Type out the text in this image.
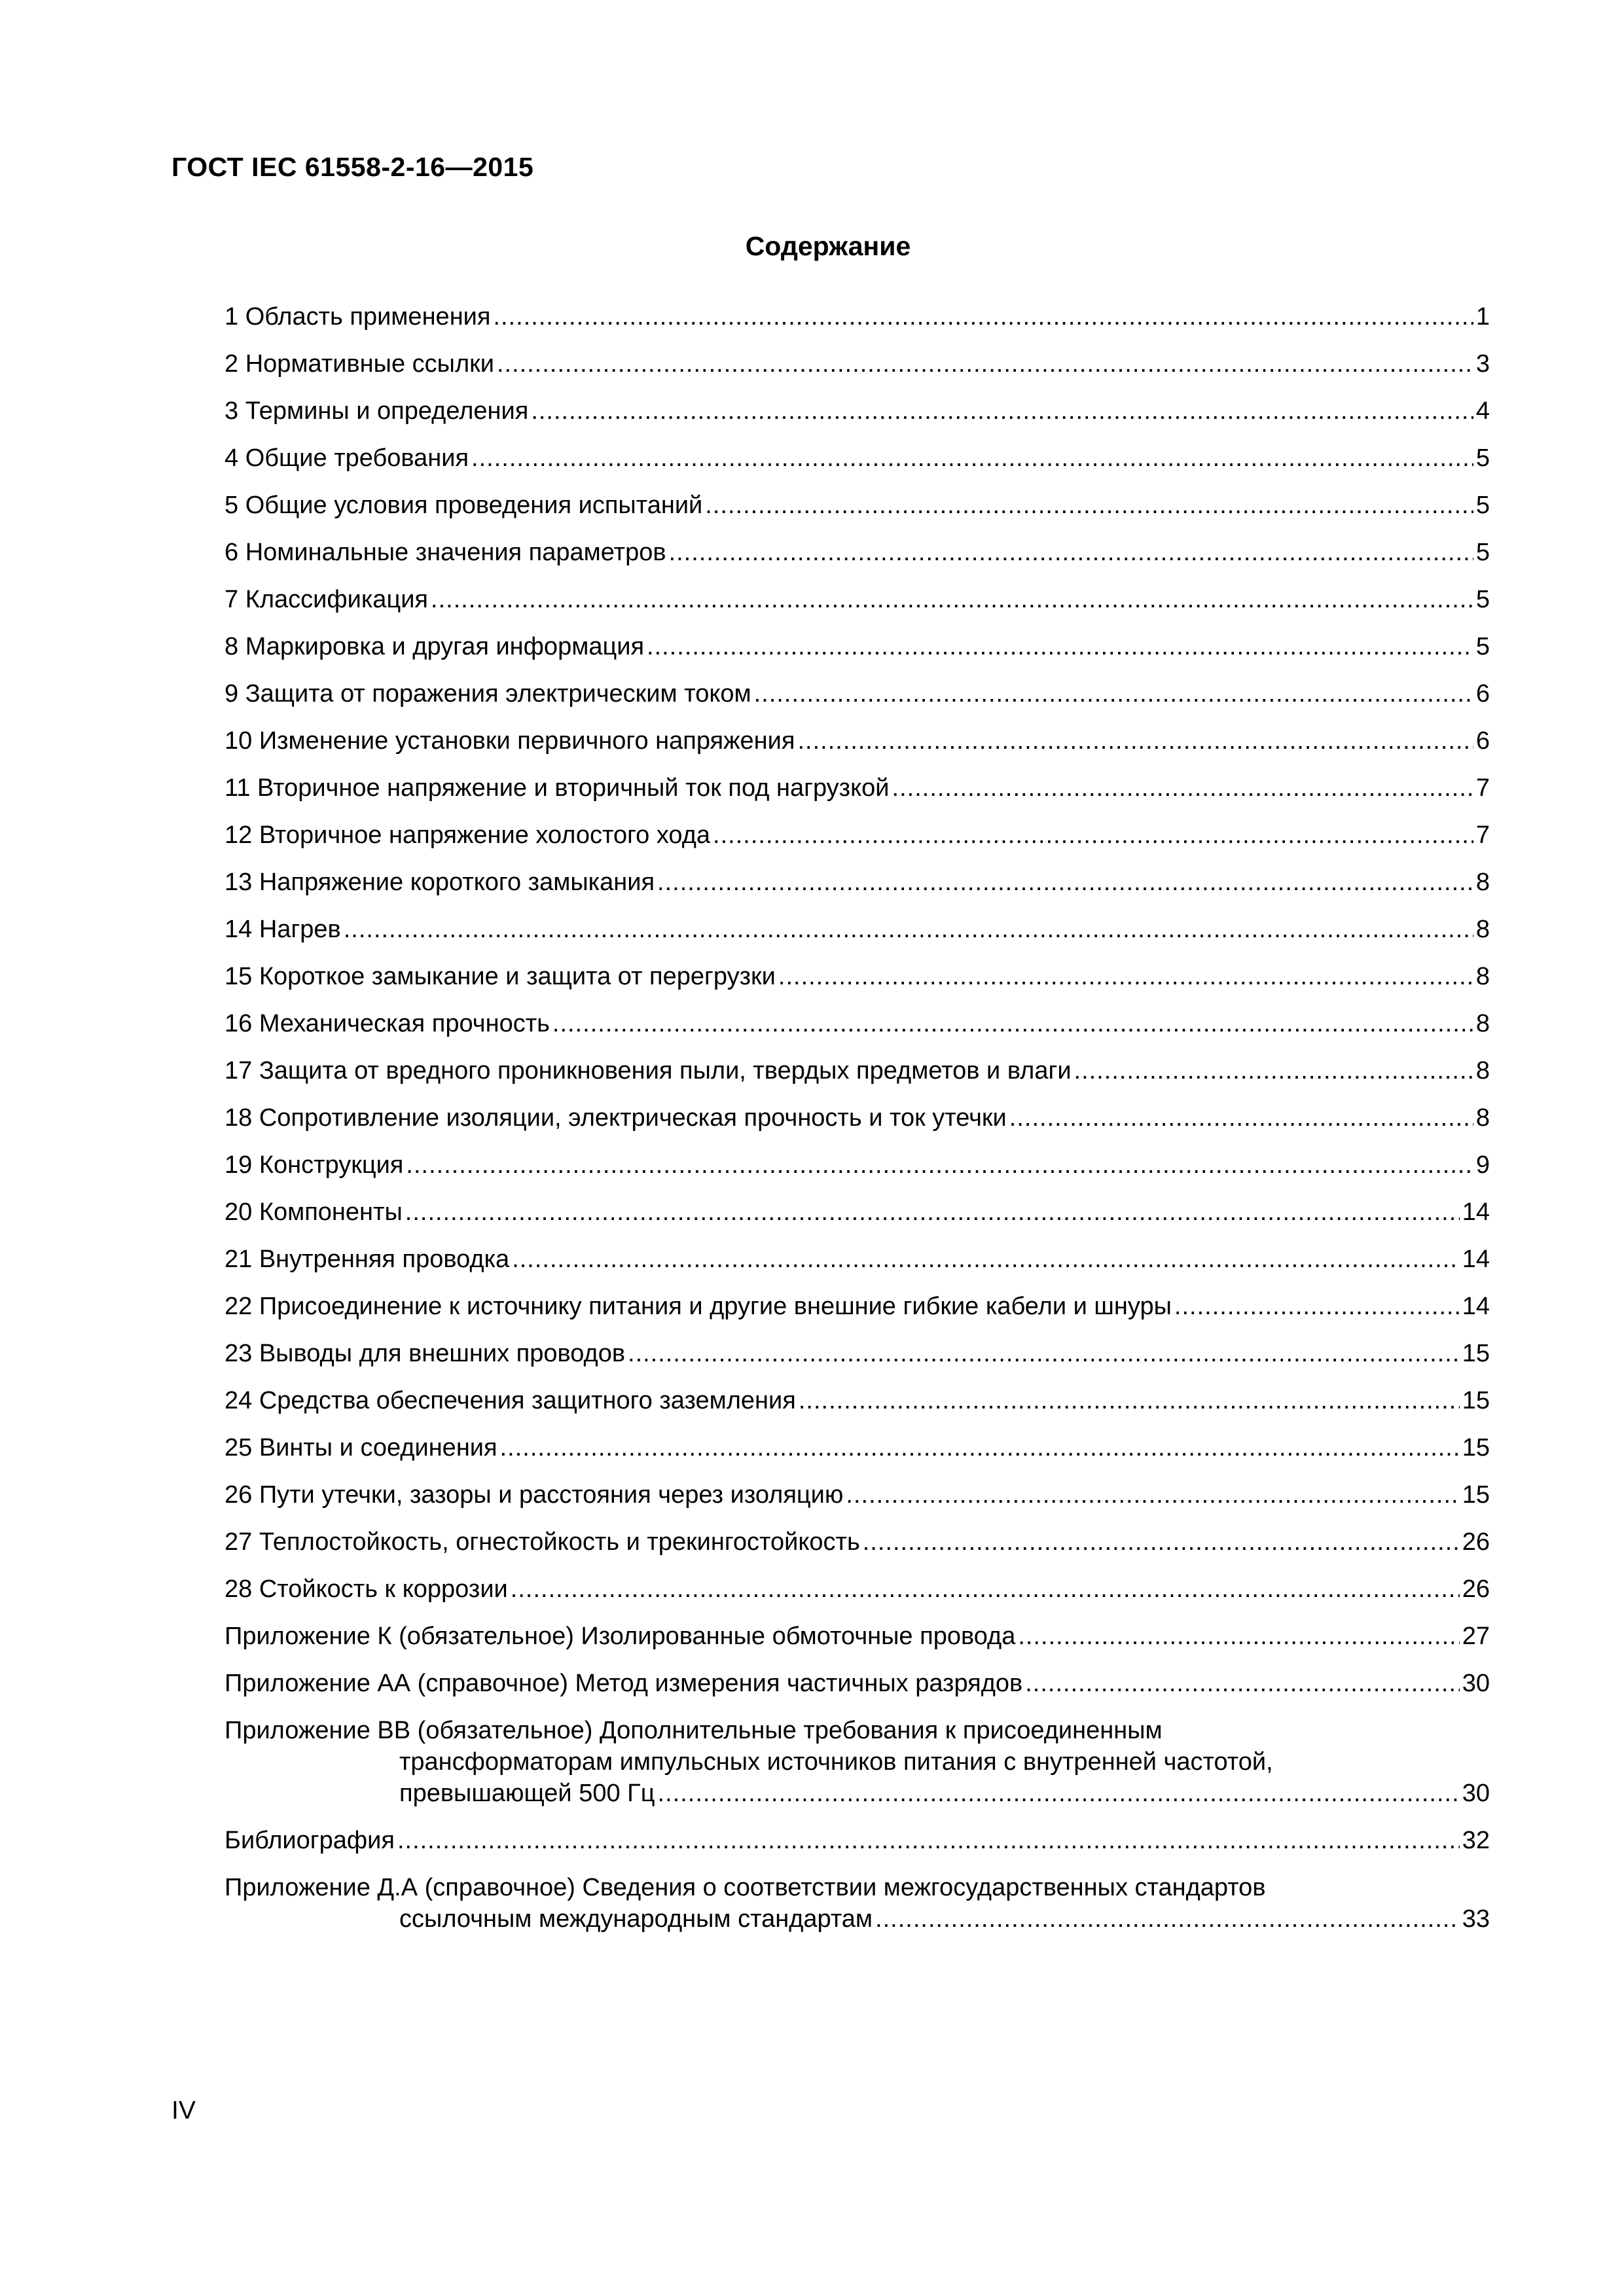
ГОСТ IEC 61558-2-16—2015
Содержание
1 Область применения .....	1
2 Нормативные ссылки .....	3
3 Термины и определения .....	4
4 Общие требования .....	5
5 Общие условия проведения испытаний .....	5
6 Номинальные значения параметров .....	5
7 Классификация .....	5
8 Маркировка и другая информация .....	5
9 Защита от поражения электрическим током .....	6
10 Изменение установки первичного напряжения .....	6
11 Вторичное напряжение и вторичный ток под нагрузкой .....	7
12 Вторичное напряжение холостого хода .....	7
13 Напряжение короткого замыкания .....	8
14 Нагрев .....	8
15 Короткое замыкание и защита от перегрузки .....	8
16 Механическая прочность .....	8
17 Защита от вредного проникновения пыли, твердых предметов и влаги .....	8
18 Сопротивление изоляции, электрическая прочность и ток утечки .....	8
19 Конструкция .....	9
20 Компоненты .....	14
21 Внутренняя проводка .....	14
22 Присоединение к источнику питания и другие внешние гибкие кабели и шнуры .....	14
23 Выводы для внешних проводов .....	15
24 Средства обеспечения защитного заземления .....	15
25 Винты и соединения .....	15
26 Пути утечки, зазоры и расстояния через изоляцию .....	15
27 Теплостойкость, огнестойкость и трекингостойкость .....	26
28 Стойкость к коррозии .....	26
Приложение К (обязательное) Изолированные обмоточные провода .....	27
Приложение АА (справочное) Метод измерения частичных разрядов .....	30
Приложение ВВ (обязательное) Дополнительные требования к присоединенным
трансформаторам импульсных источников питания с внутренней частотой,
превышающей 500 Гц .....	30
Библиография .....	32
Приложение Д.А (справочное) Сведения о соответствии межгосударственных стандартов
ссылочным международным стандартам .....	33
IV
